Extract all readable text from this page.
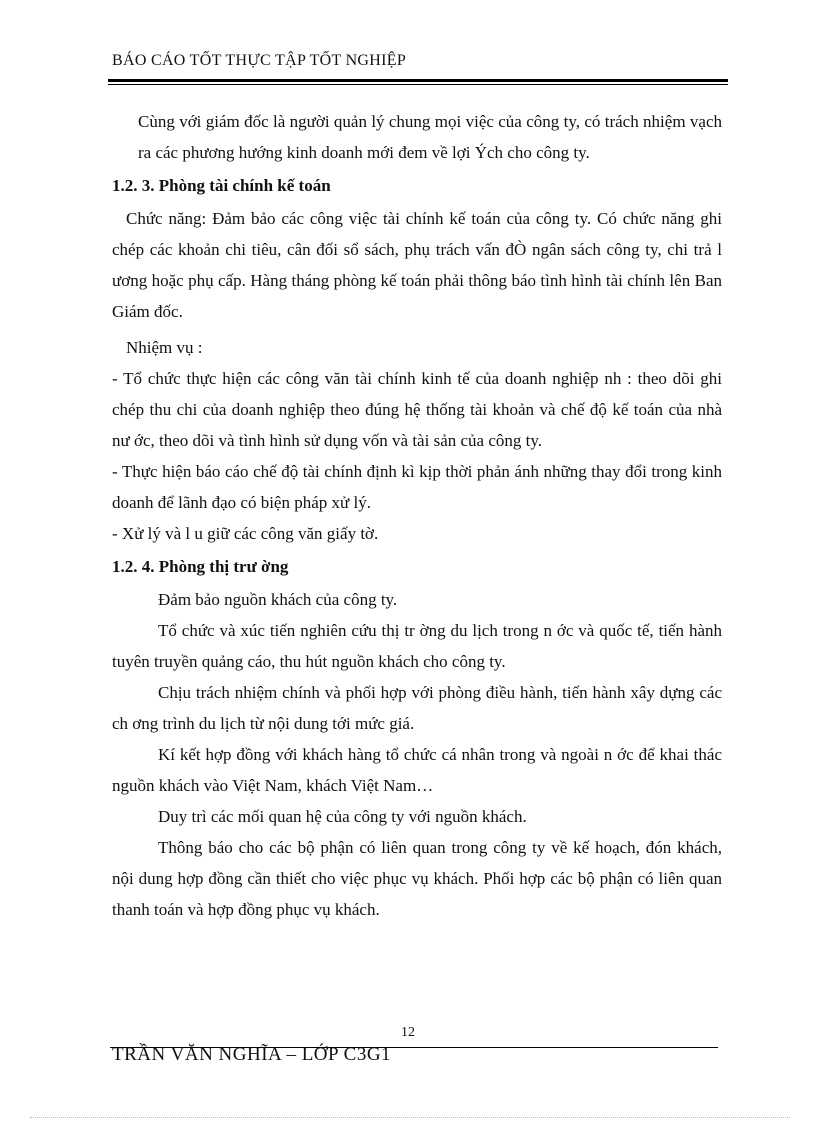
BÁO CÁO TỐT THỰC TẬP TỐT NGHIỆP

Cùng với giám đốc là người quản lý chung mọi việc của công ty, có trách nhiệm vạch ra các phương hướng kinh doanh mới đem về lợi Ých cho công ty.

1.2. 3. Phòng tài chính kế toán

Chức năng: Đảm bảo các công việc tài chính kế toán của công ty. Có chức năng ghi chép các khoản chi tiêu, cân đối sổ sách, phụ trách vấn đÒ ngân sách công ty, chi trả l ương hoặc phụ cấp. Hàng tháng phòng kế toán phải thông báo tình hình tài chính lên Ban Giám đốc.

Nhiệm vụ :

- Tổ chức thực hiện các công văn tài chính kinh tế của doanh nghiệp nh : theo dõi ghi chép thu chi của doanh nghiệp theo đúng hệ thống tài khoản và chế độ kế toán của nhà nư ớc, theo dõi và tình hình sử dụng vốn và tài sản của công ty.

- Thực hiện báo cáo chế độ tài chính định kì kịp thời phản ánh những thay đổi trong kinh doanh để lãnh đạo có biện pháp xử lý.

- Xử lý và l u giữ các công văn giấy tờ.

1.2. 4. Phòng thị trư ờng

Đảm bảo nguồn khách của công ty.

Tổ chức và xúc tiến nghiên cứu thị tr ờng du lịch trong n ớc và quốc tế, tiến hành tuyên truyền quảng cáo, thu hút nguồn khách cho công ty.

Chịu trách nhiệm chính và phối hợp với phòng điều hành, tiến hành xây dựng các ch ơng trình du lịch từ nội dung tới mức giá.

Kí kết hợp đồng với khách hàng tổ chức cá nhân trong và ngoài n ớc để khai thác nguồn khách vào Việt Nam, khách Việt Nam…

Duy trì các mối quan hệ của công ty với nguồn khách.

Thông báo cho các bộ phận có liên quan trong công ty về kế hoạch, đón khách, nội dung hợp đồng cần thiết cho việc phục vụ khách. Phối hợp các bộ phận có liên quan thanh toán và hợp đồng phục vụ khách.

12
TRẦN VĂN NGHĨA – LỚP C3G1
